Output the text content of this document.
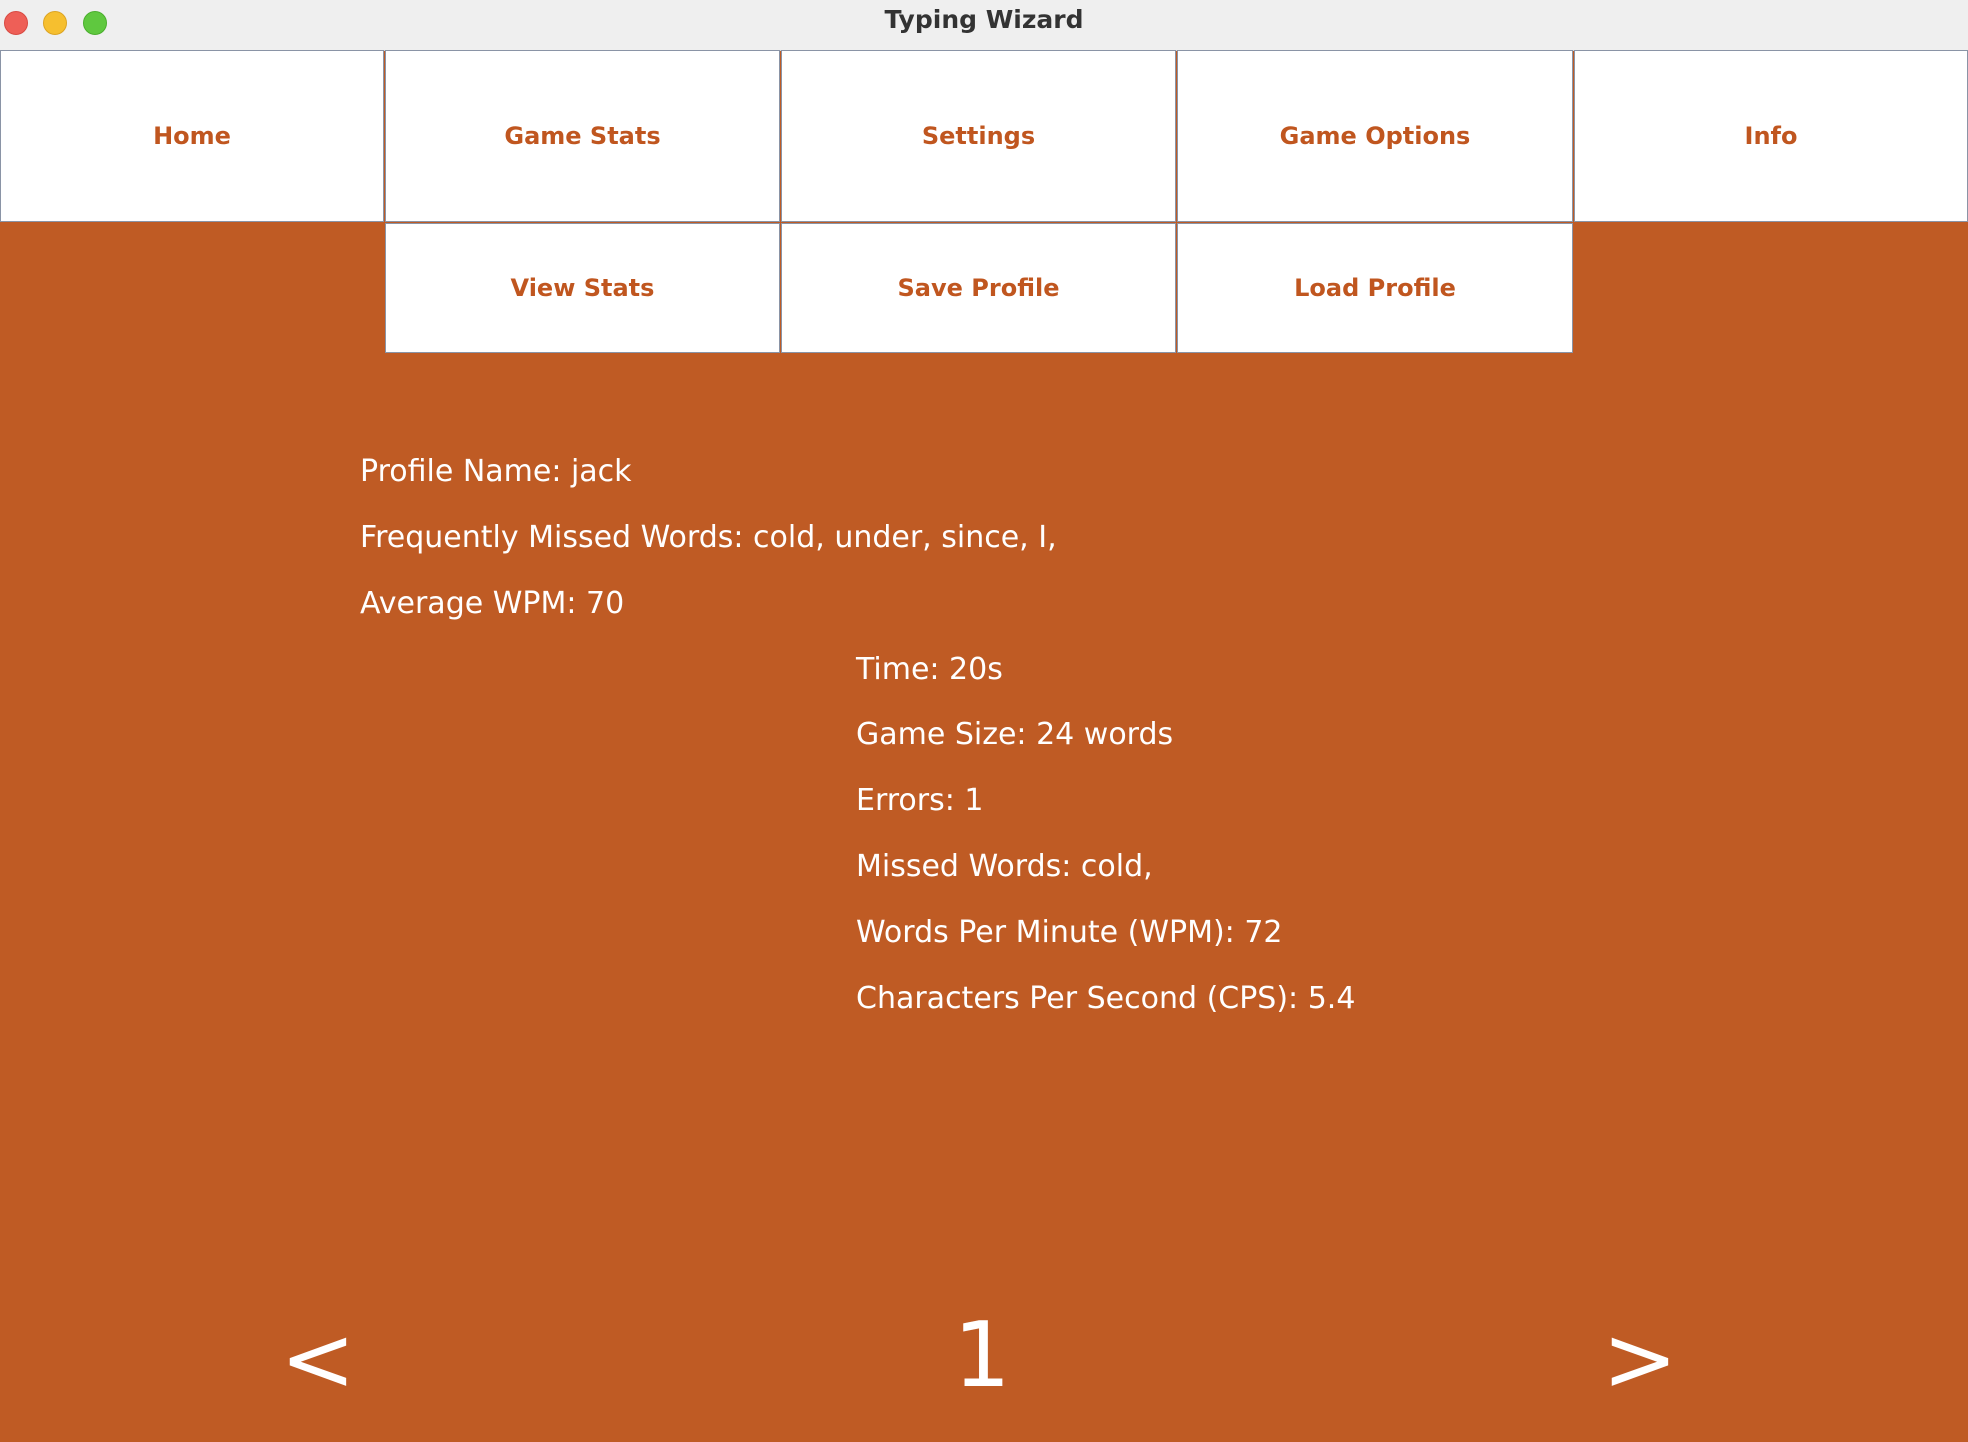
Typing Wizard
Home	Game Stats	Settings	Game Options	Info
View Stats	Save Profile	Load Profile
Profile Name: jack
Frequently Missed Words: cold, under, since, I,
Average WPM: 70
Time: 20s
Game Size: 24 words
Errors: 1
Missed Words: cold,
Words Per Minute (WPM): 72
Characters Per Second (CPS): 5.4
<	1	>
